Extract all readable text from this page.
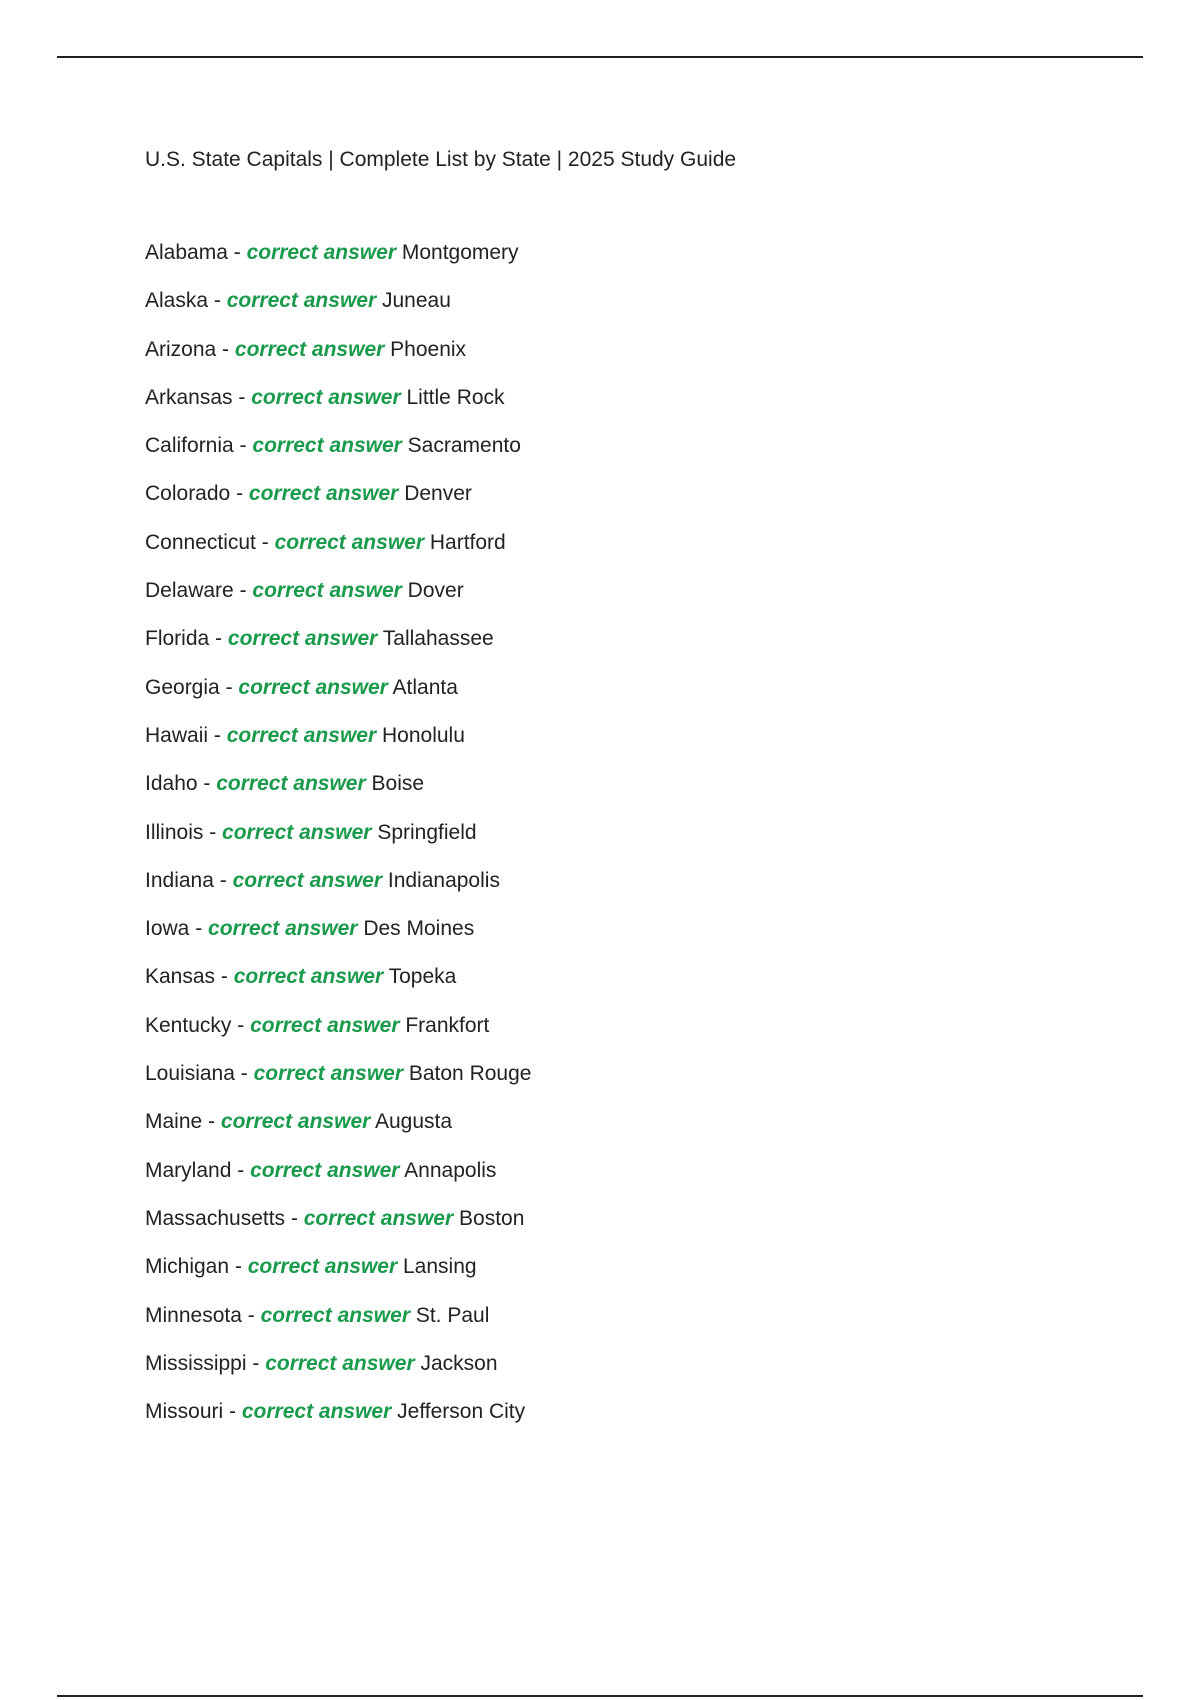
U.S. State Capitals | Complete List by State | 2025 Study Guide
Alabama - correct answer Montgomery
Alaska - correct answer Juneau
Arizona - correct answer Phoenix
Arkansas - correct answer Little Rock
California - correct answer Sacramento
Colorado - correct answer Denver
Connecticut - correct answer Hartford
Delaware - correct answer Dover
Florida - correct answer Tallahassee
Georgia - correct answer Atlanta
Hawaii - correct answer Honolulu
Idaho - correct answer Boise
Illinois - correct answer Springfield
Indiana - correct answer Indianapolis
Iowa - correct answer Des Moines
Kansas - correct answer Topeka
Kentucky - correct answer Frankfort
Louisiana - correct answer Baton Rouge
Maine - correct answer Augusta
Maryland - correct answer Annapolis
Massachusetts - correct answer Boston
Michigan - correct answer Lansing
Minnesota - correct answer St. Paul
Mississippi - correct answer Jackson
Missouri - correct answer Jefferson City
